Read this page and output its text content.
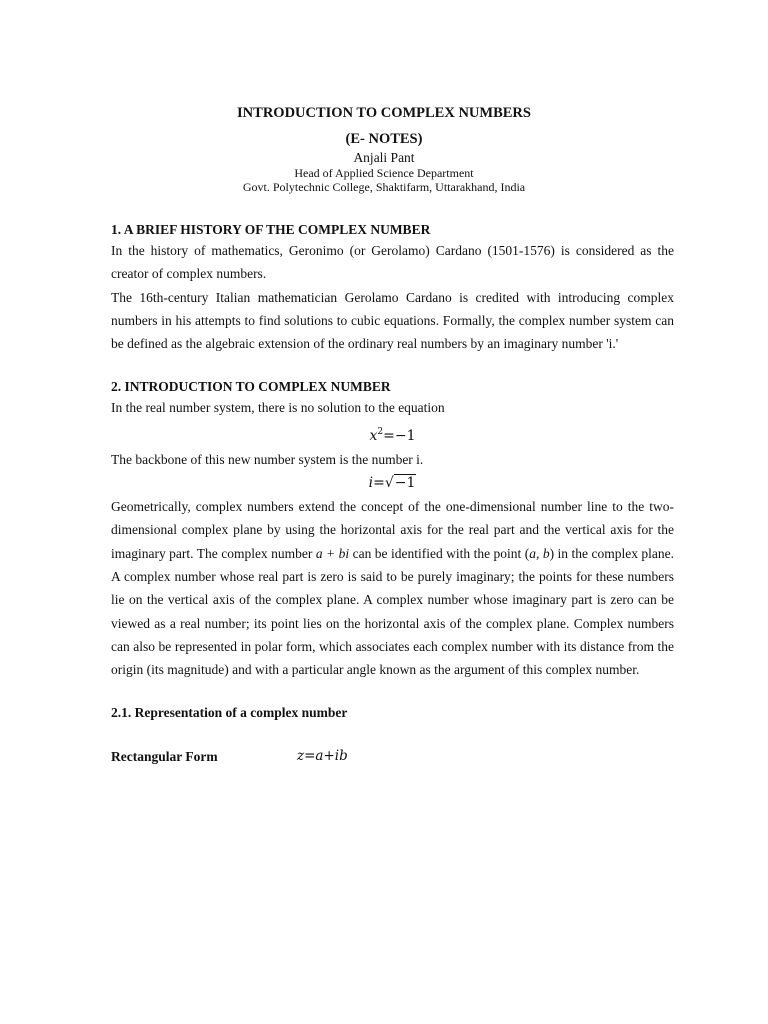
INTRODUCTION TO COMPLEX NUMBERS
(E- NOTES)
Anjali Pant
Head of Applied Science Department
Govt. Polytechnic College, Shaktifarm, Uttarakhand, India
1. A BRIEF HISTORY OF THE COMPLEX NUMBER

In the history of mathematics, Geronimo (or Gerolamo) Cardano (1501-1576) is considered as the creator of complex numbers.

The 16th-century Italian mathematician Gerolamo Cardano is credited with introducing complex numbers in his attempts to find solutions to cubic equations. Formally, the complex number system can be defined as the algebraic extension of the ordinary real numbers by an imaginary number 'i.'

2. INTRODUCTION TO COMPLEX NUMBER

In the real number system, there is no solution to the equation

$x^2=-1$

The backbone of this new number system is the number i.

i=√−1

Geometrically, complex numbers extend the concept of the one-dimensional number line to the two-dimensional complex plane by using the horizontal axis for the real part and the vertical axis for the imaginary part. The complex number a + bi can be identified with the point (a, b) in the complex plane. A complex number whose real part is zero is said to be purely imaginary; the points for these numbers lie on the vertical axis of the complex plane. A complex number whose imaginary part is zero can be viewed as a real number; its point lies on the horizontal axis of the complex plane. Complex numbers can also be represented in polar form, which associates each complex number with its distance from the origin (its magnitude) and with a particular angle known as the argument of this complex number.

2.1. Representation of a complex number
Rectangular Form	z=a+ib
